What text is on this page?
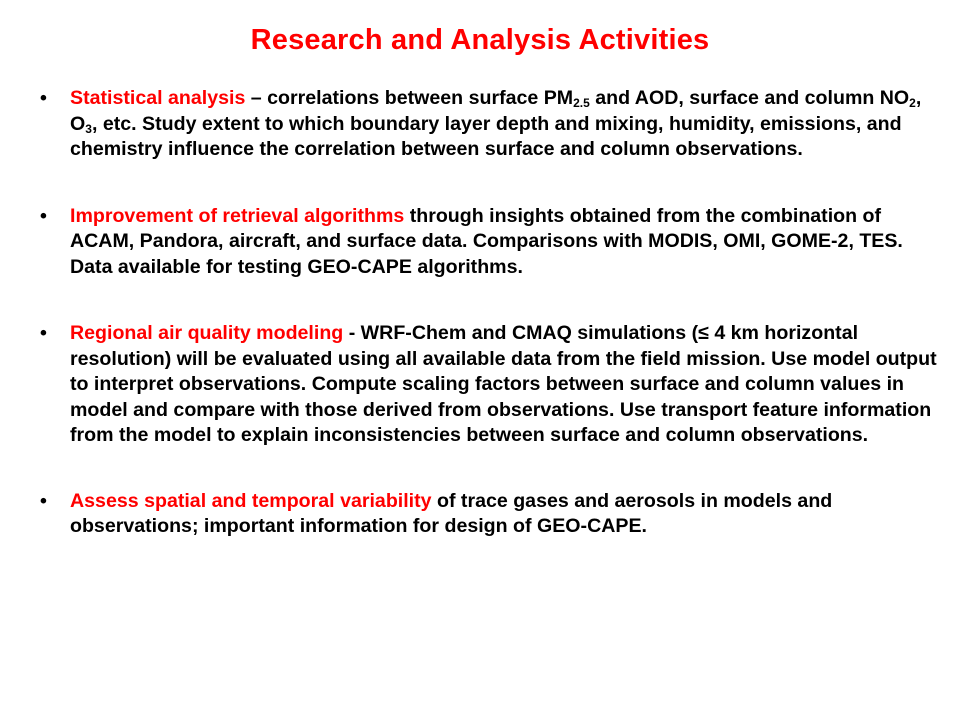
Research and Analysis Activities
•	Statistical analysis – correlations between surface $PM_{2.5}$ and AOD, surface and column $NO_2$, $O_3$, etc. Study extent to which boundary layer depth and mixing, humidity, emissions, and chemistry influence the correlation between surface and column observations.
•	Improvement of retrieval algorithms through insights obtained from the combination of ACAM, Pandora, aircraft, and surface data. Comparisons with MODIS, OMI, GOME-2, TES. Data available for testing GEO-CAPE algorithms.
•	Regional air quality modeling - WRF-Chem and CMAQ simulations (≤ 4 km horizontal resolution) will be evaluated using all available data from the field mission. Use model output to interpret observations. Compute scaling factors between surface and column values in model and compare with those derived from observations. Use transport feature information from the model to explain inconsistencies between surface and column observations.
•	Assess spatial and temporal variability of trace gases and aerosols in models and observations; important information for design of GEO-CAPE.
